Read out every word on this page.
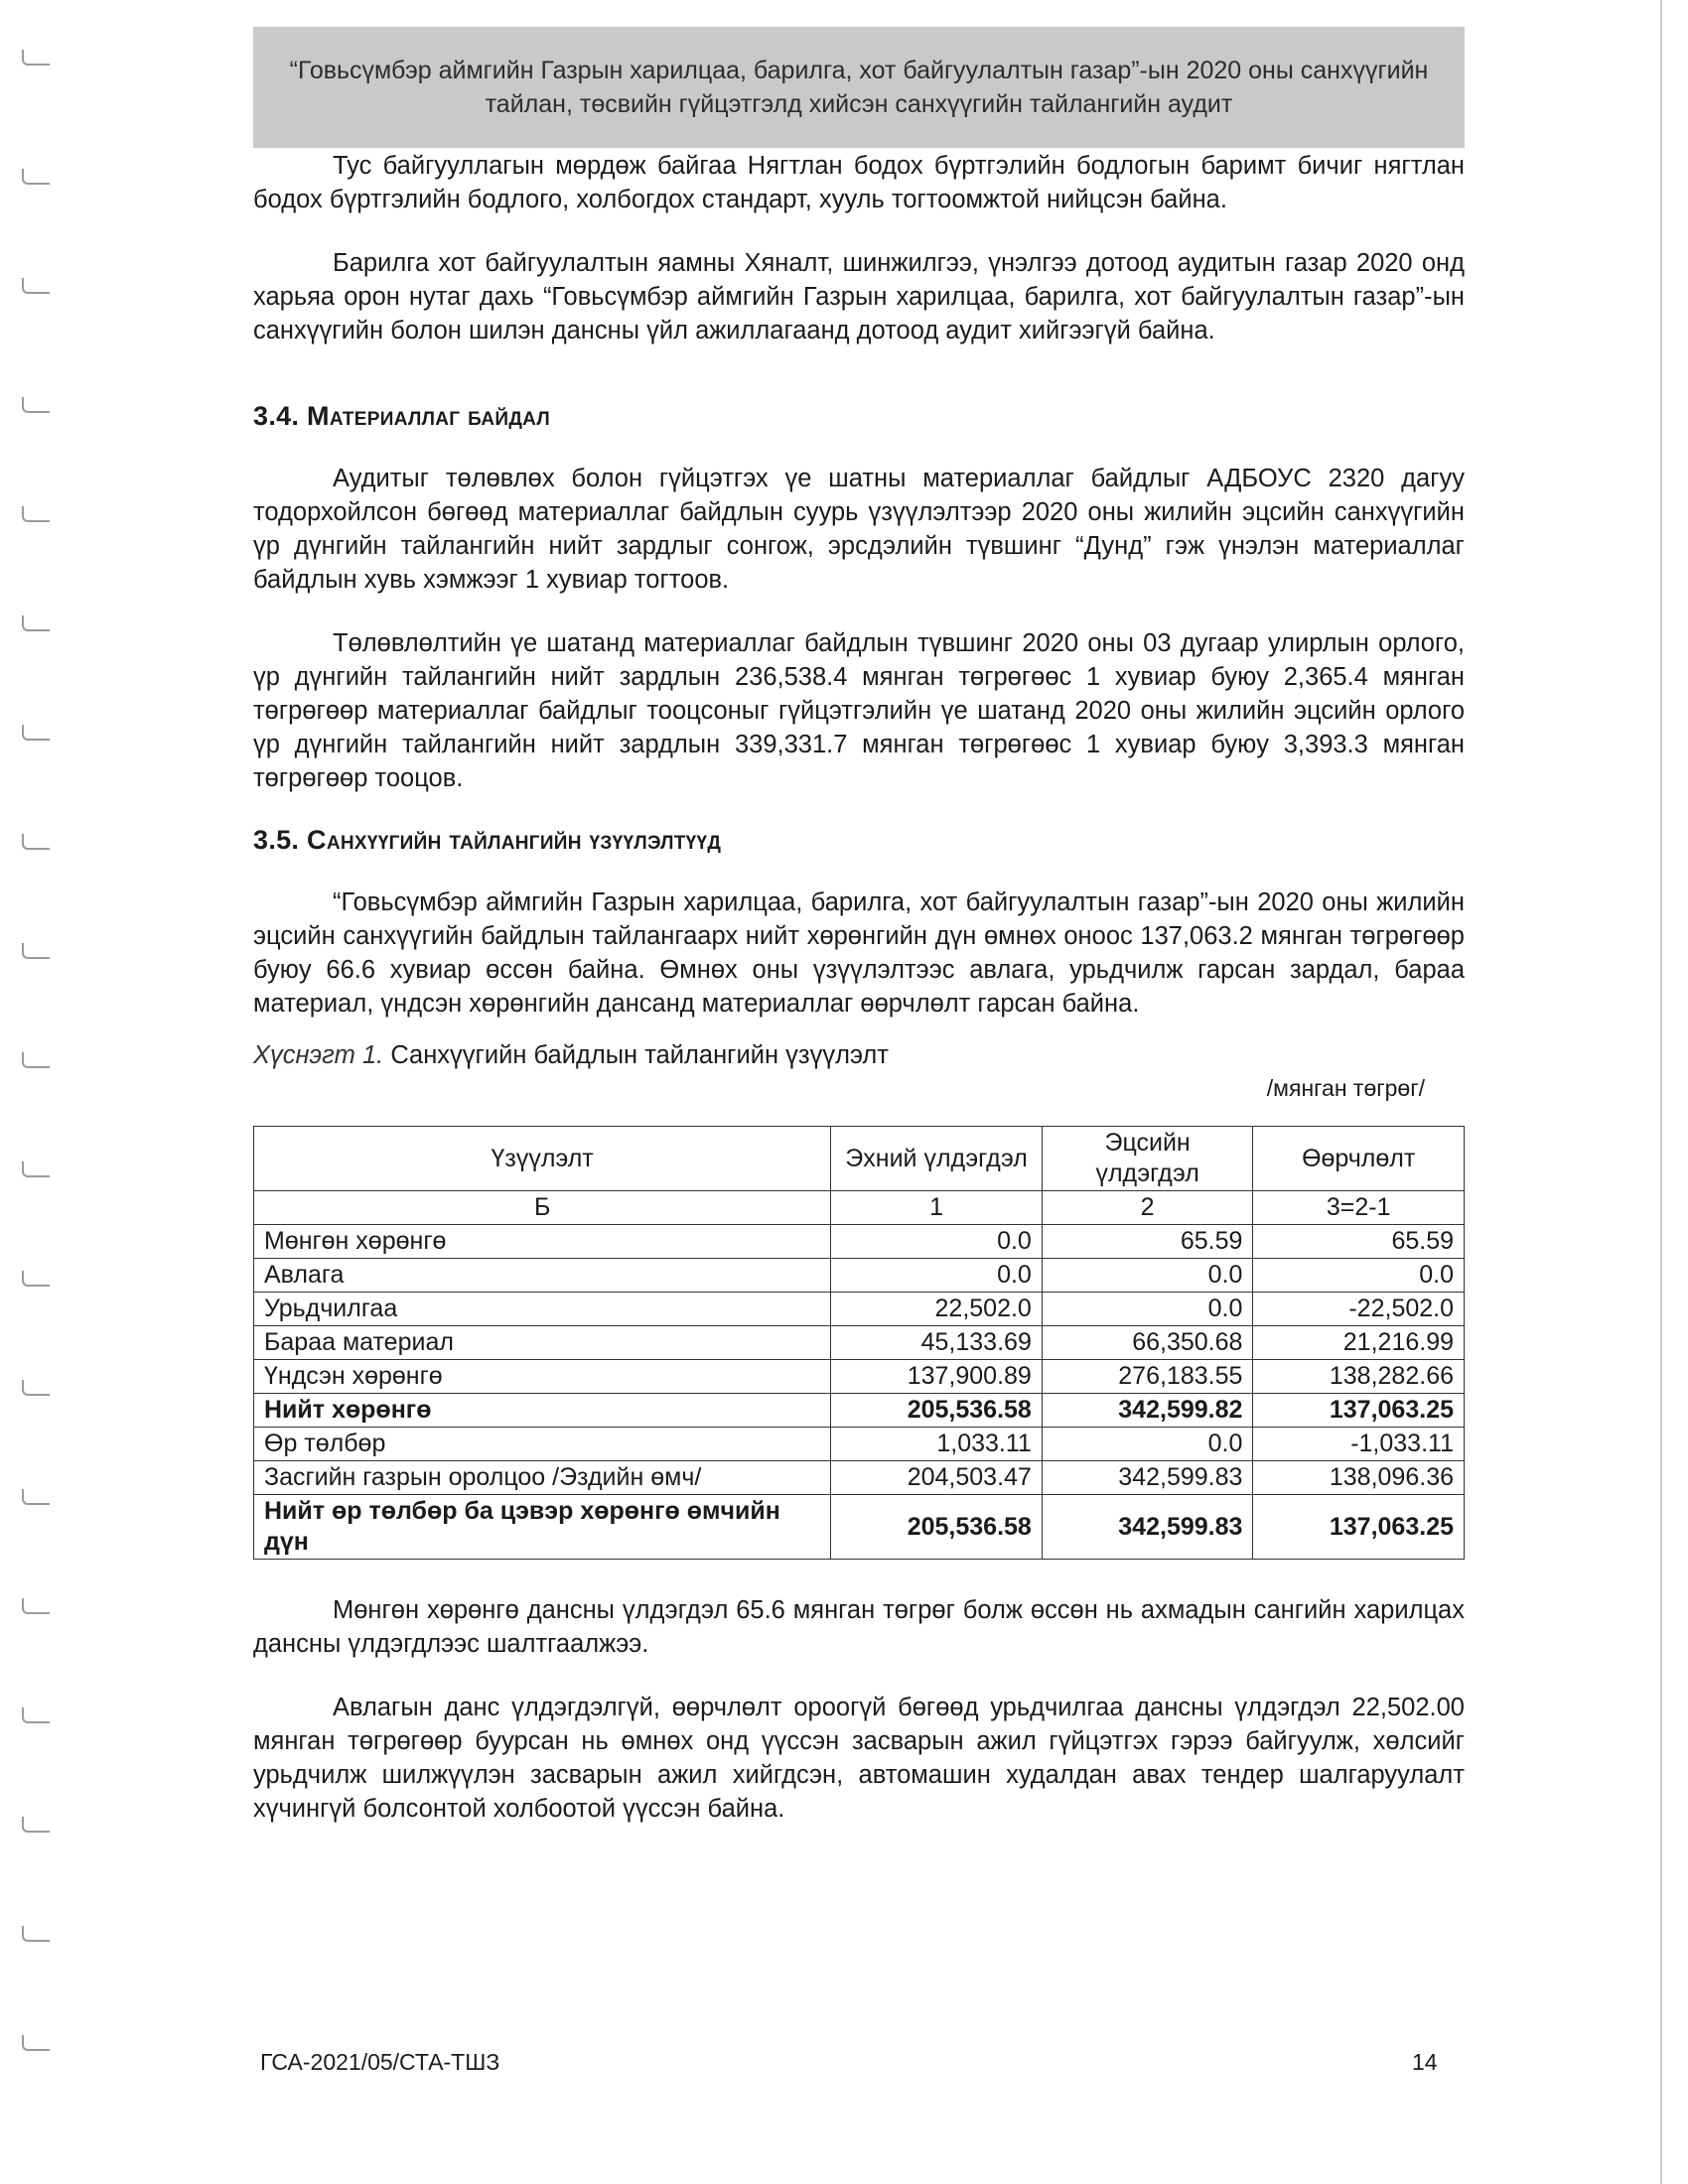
“Говьсүмбэр аймгийн Газрын харилцаа, барилга, хот байгуулалтын газар”-ын 2020 оны санхүүгийн
тайлан, төсвийн гүйцэтгэлд хийсэн санхүүгийн тайлангийн аудит

Тус байгууллагын мөрдөж байгаа Нягтлан бодох бүртгэлийн бодлогын баримт бичиг нягтлан бодох бүртгэлийн бодлого, холбогдох стандарт, хууль тогтоомжтой нийцсэн байна.

Барилга хот байгуулалтын яамны Хяналт, шинжилгээ, үнэлгээ дотоод аудитын газар 2020 онд харьяа орон нутаг дахь “Говьсүмбэр аймгийн Газрын харилцаа, барилга, хот байгуулалтын газар”-ын санхүүгийн болон шилэн дансны үйл ажиллагаанд дотоод аудит хийгээгүй байна.

3.4. Материаллаг байдал

Аудитыг төлөвлөх болон гүйцэтгэх үе шатны материаллаг байдлыг АДБОУС 2320 дагуу тодорхойлсон бөгөөд материаллаг байдлын суурь үзүүлэлтээр 2020 оны жилийн эцсийн санхүүгийн үр дүнгийн тайлангийн нийт зардлыг сонгож, эрсдэлийн түвшинг “Дунд” гэж үнэлэн материаллаг байдлын хувь хэмжээг 1 хувиар тогтоов.

Төлөвлөлтийн үе шатанд материаллаг байдлын түвшинг 2020 оны 03 дугаар улирлын орлого, үр дүнгийн тайлангийн нийт зардлын 236,538.4 мянган төгрөгөөс 1 хувиар буюу 2,365.4 мянган төгрөгөөр материаллаг байдлыг тооцсоныг гүйцэтгэлийн үе шатанд 2020 оны жилийн эцсийн орлого үр дүнгийн тайлангийн нийт зардлын 339,331.7 мянган төгрөгөөс 1 хувиар буюу 3,393.3 мянган төгрөгөөр тооцов.

3.5. Санхүүгийн тайлангийн үзүүлэлтүүд

“Говьсүмбэр аймгийн Газрын харилцаа, барилга, хот байгуулалтын газар”-ын 2020 оны жилийн эцсийн санхүүгийн байдлын тайлангаарх нийт хөрөнгийн дүн өмнөх оноос 137,063.2 мянган төгрөгөөр буюу 66.6 хувиар өссөн байна. Өмнөх оны үзүүлэлтээс авлага, урьдчилж гарсан зардал, бараа материал, үндсэн хөрөнгийн дансанд материаллаг өөрчлөлт гарсан байна.

Хүснэгт 1. Санхүүгийн байдлын тайлангийн үзүүлэлт
/мянган төгрөг/
Үзүүлэлт	Эхний үлдэгдэл	Эцсийн үлдэгдэл	Өөрчлөлт
Б	1	2	3=2-1
Мөнгөн хөрөнгө	0.0	65.59	65.59
Авлага	0.0	0.0	0.0
Урьдчилгаа	22,502.0	0.0	-22,502.0
Бараа материал	45,133.69	66,350.68	21,216.99
Үндсэн хөрөнгө	137,900.89	276,183.55	138,282.66
Нийт хөрөнгө	205,536.58	342,599.82	137,063.25
Өр төлбөр	1,033.11	0.0	-1,033.11
Засгийн газрын оролцоо /Эздийн өмч/	204,503.47	342,599.83	138,096.36
Нийт өр төлбөр ба цэвэр хөрөнгө өмчийн дүн	205,536.58	342,599.83	137,063.25

Мөнгөн хөрөнгө дансны үлдэгдэл 65.6 мянган төгрөг болж өссөн нь ахмадын сангийн харилцах дансны үлдэгдлээс шалтгаалжээ.

Авлагын данс үлдэгдэлгүй, өөрчлөлт ороогүй бөгөөд урьдчилгаа дансны үлдэгдэл 22,502.00 мянган төгрөгөөр буурсан нь өмнөх онд үүссэн засварын ажил гүйцэтгэх гэрээ байгуулж, хөлсийг урьдчилж шилжүүлэн засварын ажил хийгдсэн, автомашин худалдан авах тендер шалгаруулалт хүчингүй болсонтой холбоотой үүссэн байна.

ГСА-2021/05/СТА-ТШЗ	14
